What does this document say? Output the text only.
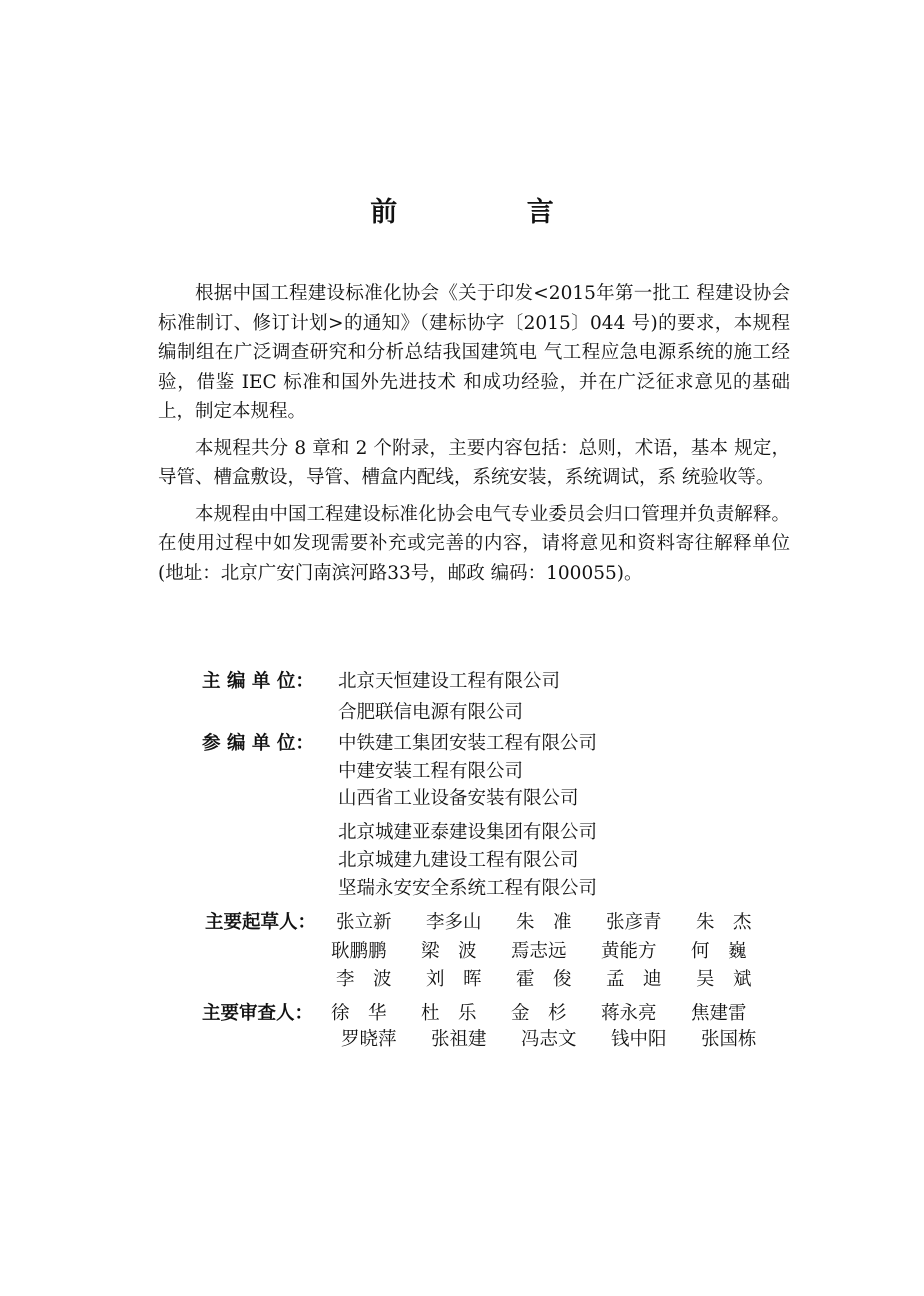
前 言

根据中国工程建设标准化协会《关于印发<2015年第一批工 程建设协会标准制订、修订计划>的通知》（建标协字〔2015〕044 号)的要求，本规程编制组在广泛调查研究和分析总结我国建筑电 气工程应急电源系统的施工经验，借鉴 IEC 标准和国外先进技术 和成功经验，并在广泛征求意见的基础上，制定本规程。

本规程共分 8 章和 2 个附录，主要内容包括：总则，术语，基本 规定，导管、槽盒敷设，导管、槽盒内配线，系统安装，系统调试，系 统验收等。

本规程由中国工程建设标准化协会电气专业委员会归口管理并负责解释。在使用过程中如发现需要补充或完善的内容，请将意见和资料寄往解释单位(地址：北京广安门南滨河路33号，邮政 编码：100055)。

主 编 单 位： 北京天恒建设工程有限公司
合肥联信电源有限公司
参 编 单 位： 中铁建工集团安装工程有限公司
中建安装工程有限公司
山西省工业设备安装有限公司
北京城建亚泰建设集团有限公司
北京城建九建设工程有限公司
坚瑞永安安全系统工程有限公司
主要起草人： 张立新	李多山	朱　准	张彦青	朱　杰
耿鹏鹏	梁　波	焉志远	黄能方	何　巍
李　波	刘　晖	霍　俊	孟　迪	吴　斌
主要审查人： 徐　华	杜　乐	金　杉	蒋永亮	焦建雷
罗晓萍	张祖建	冯志文	钱中阳	张国栋
